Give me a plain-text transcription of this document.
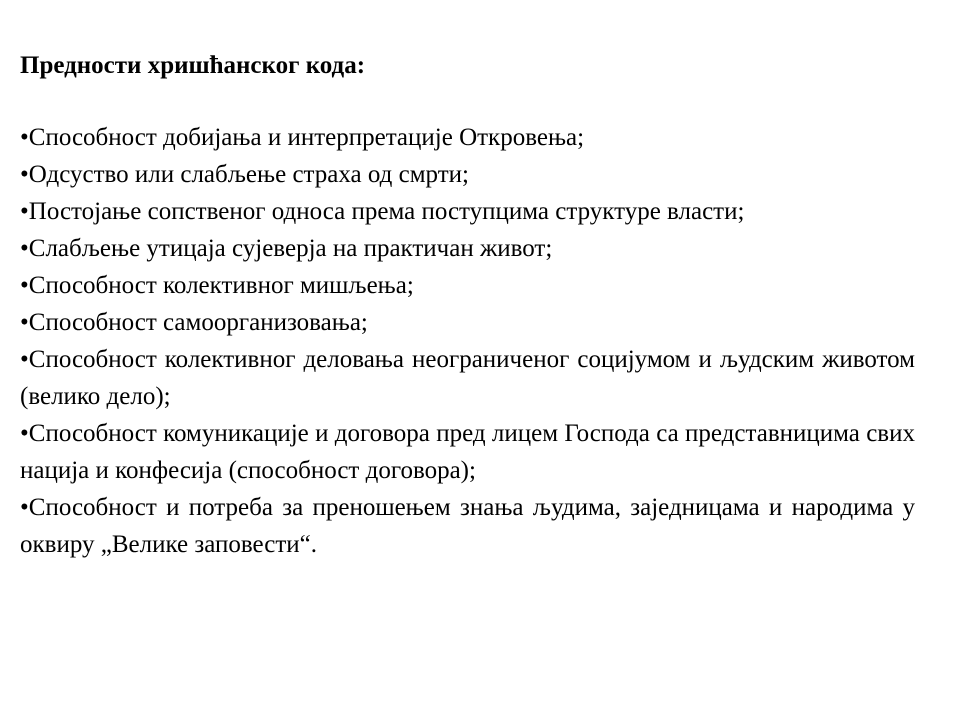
Предности хришћанског кода:

•Способност добијања и интерпретације Откровења;
•Одсуство или слабљење страха од смрти;
•Постојање сопственог односа према поступцима структуре власти;
•Слабљење утицаја сујеверја на практичан живот;
•Способност колективног мишљења;
•Способност самоорганизовања;
•Способност колективног деловања неограниченог социјумом и људским животом (велико дело);
•Способност комуникације и договора пред лицем Господа са представницима свих нација и конфесија (способност договора);
•Способност и потреба за преношењем знања људима, заједницама и народима у оквиру „Велике заповести“.
